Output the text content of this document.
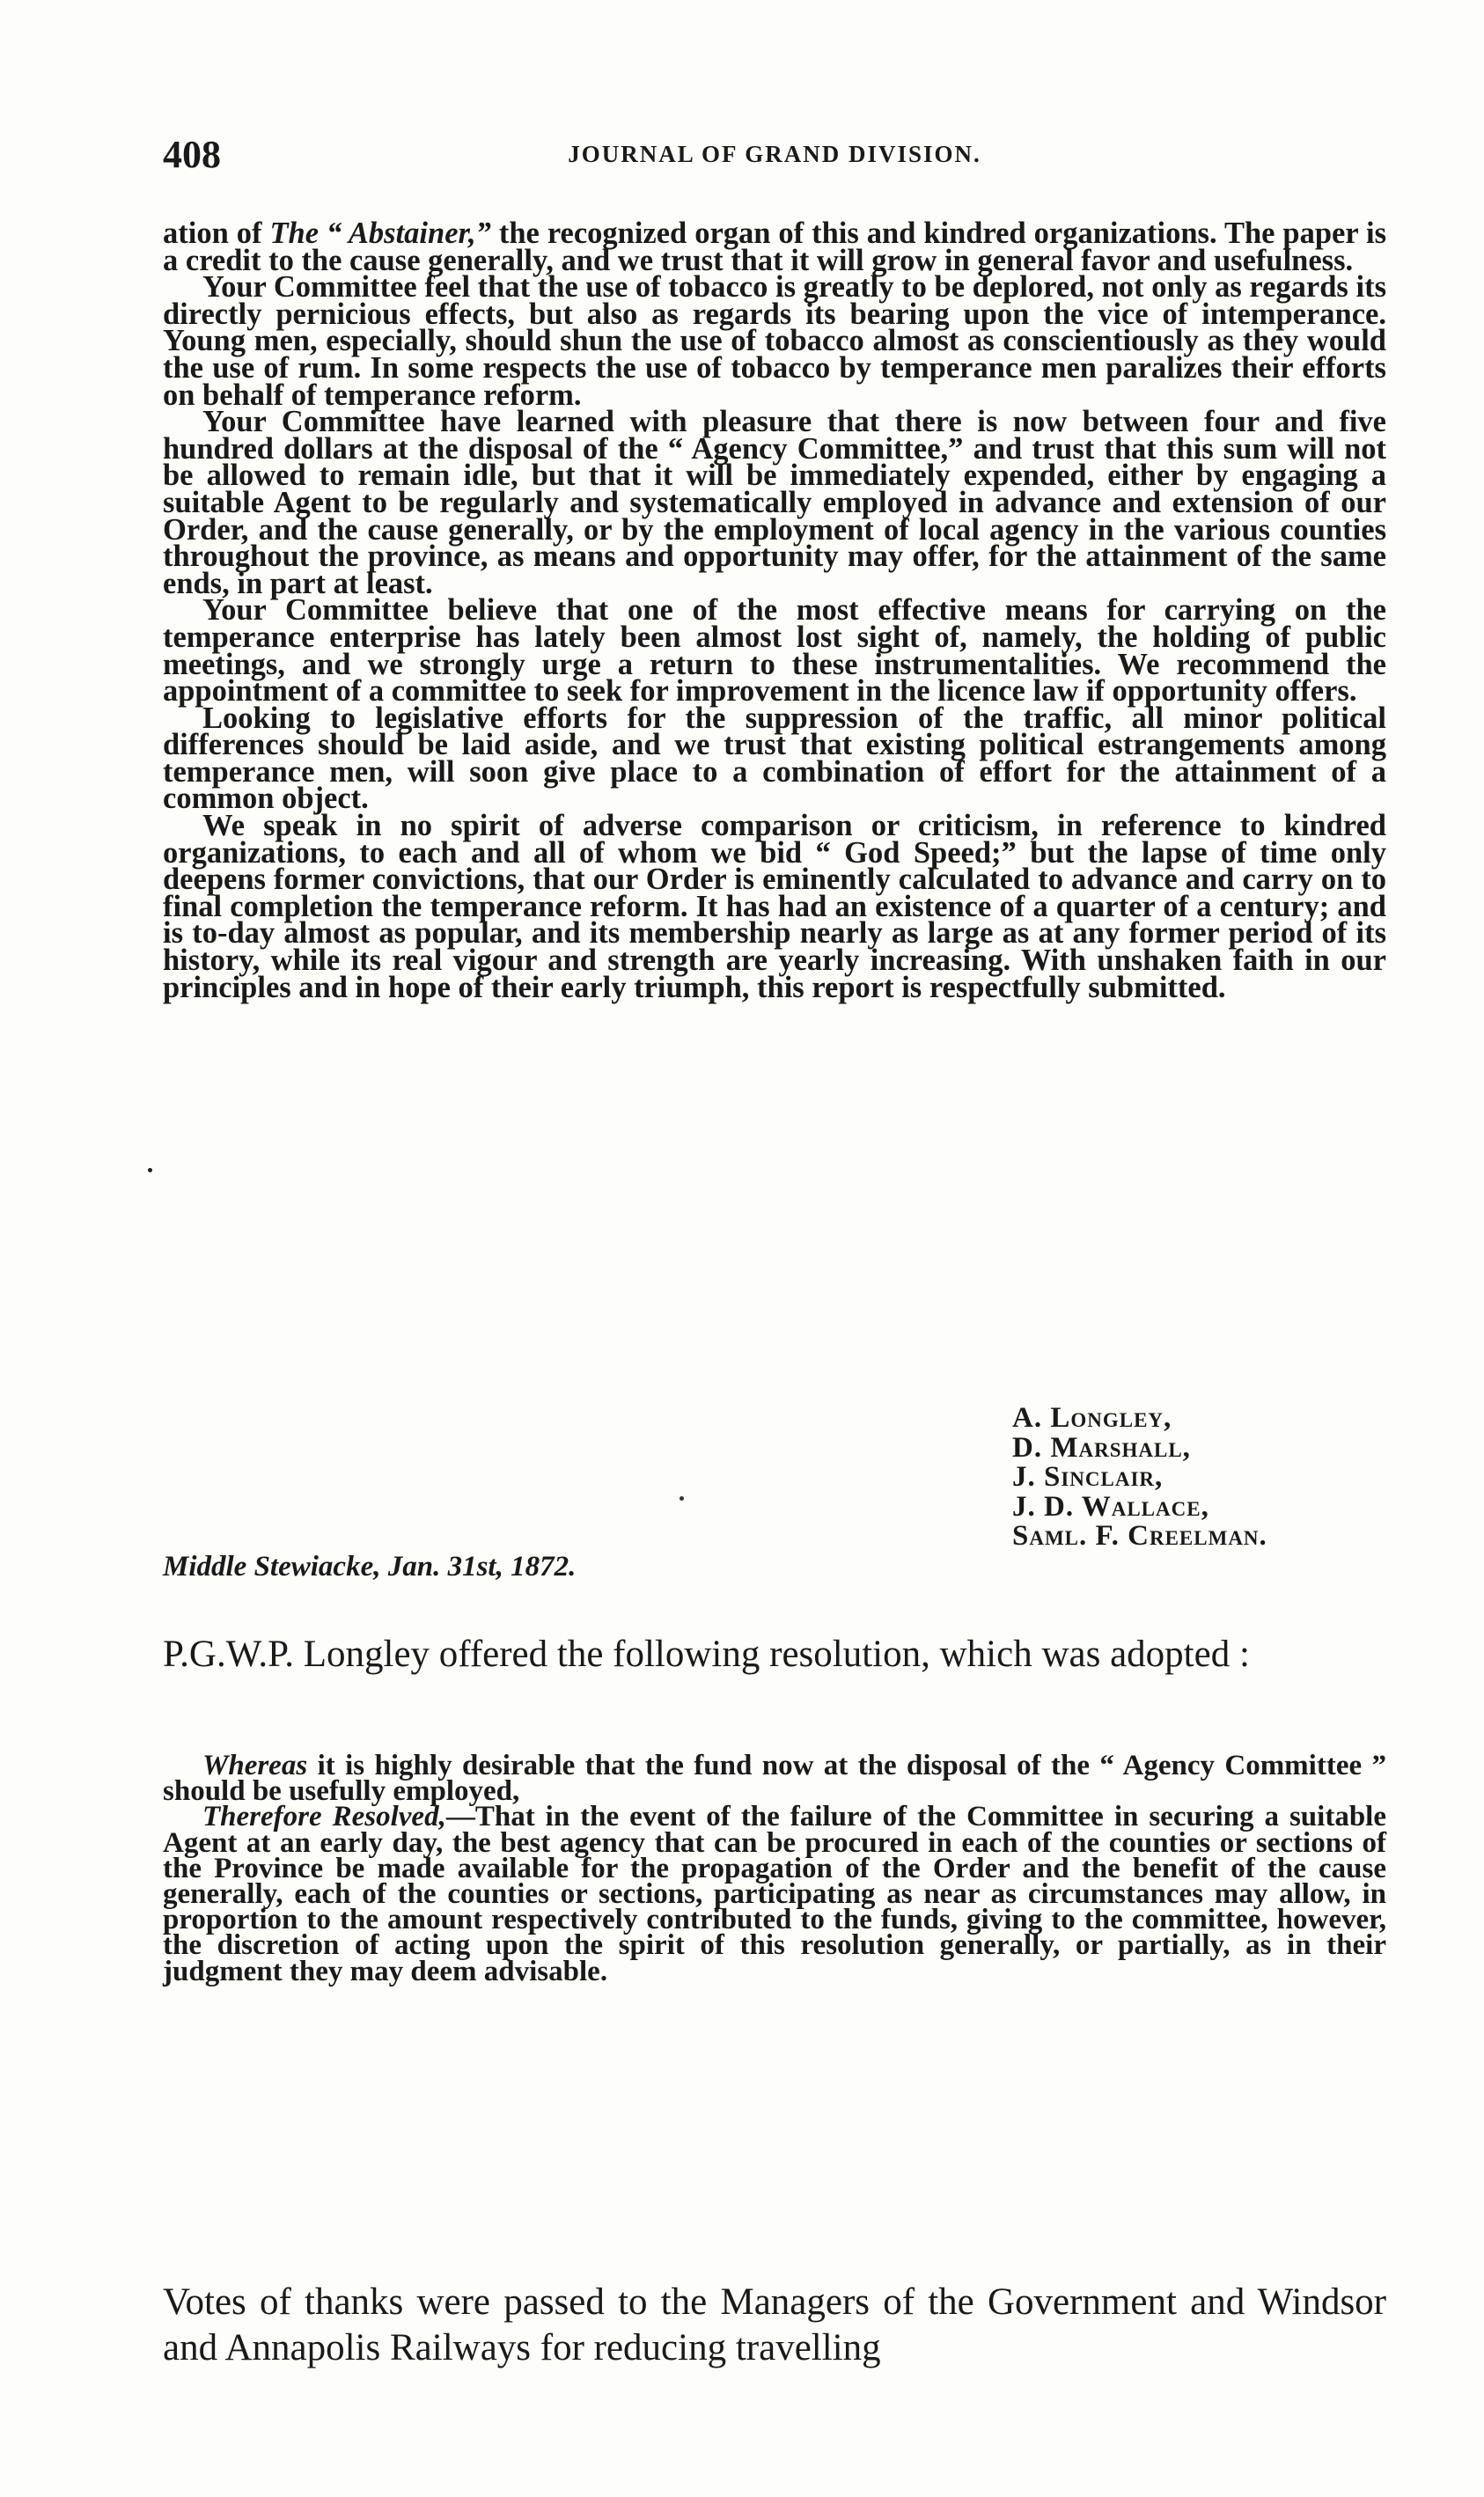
408	JOURNAL OF GRAND DIVISION.

ation of The “ Abstainer,” the recognized organ of this and kindred organizations. The paper is a credit to the cause generally, and we trust that it will grow in general favor and usefulness.

Your Committee feel that the use of tobacco is greatly to be deplored, not only as regards its directly pernicious effects, but also as regards its bearing upon the vice of intemperance. Young men, especially, should shun the use of tobacco almost as conscientiously as they would the use of rum. In some respects the use of tobacco by temperance men paralizes their efforts on behalf of temperance reform.

Your Committee have learned with pleasure that there is now between four and five hundred dollars at the disposal of the “ Agency Committee,” and trust that this sum will not be allowed to remain idle, but that it will be immediately expended, either by engaging a suitable Agent to be regularly and systematically employed in advance and extension of our Order, and the cause generally, or by the employment of local agency in the various counties throughout the province, as means and opportunity may offer, for the attainment of the same ends, in part at least.

Your Committee believe that one of the most effective means for carrying on the temperance enterprise has lately been almost lost sight of, namely, the holding of public meetings, and we strongly urge a return to these instrumentalities. We recommend the appointment of a committee to seek for improvement in the licence law if opportunity offers.

Looking to legislative efforts for the suppression of the traffic, all minor political differences should be laid aside, and we trust that existing political estrangements among temperance men, will soon give place to a combination of effort for the attainment of a common object.

We speak in no spirit of adverse comparison or criticism, in reference to kindred organizations, to each and all of whom we bid “ God Speed;” but the lapse of time only deepens former convictions, that our Order is eminently calculated to advance and carry on to final completion the temperance reform. It has had an existence of a quarter of a century; and is to-day almost as popular, and its membership nearly as large as at any former period of its history, while its real vigour and strength are yearly increasing. With unshaken faith in our principles and in hope of their early triumph, this report is respectfully submitted.

A. Longley,
D. Marshall,
J. Sinclair,
J. D. Wallace,
Saml. F. Creelman.
Middle Stewiacke, Jan. 31st, 1872.

P.G.W.P. Longley offered the following resolution, which was adopted :

Whereas it is highly desirable that the fund now at the disposal of the “ Agency Committee ” should be usefully employed,

Therefore Resolved,—That in the event of the failure of the Committee in securing a suitable Agent at an early day, the best agency that can be procured in each of the counties or sections of the Province be made available for the propagation of the Order and the benefit of the cause generally, each of the counties or sections, participating as near as circumstances may allow, in proportion to the amount respectively contributed to the funds, giving to the committee, however, the discretion of acting upon the spirit of this resolution generally, or partially, as in their judgment they may deem advisable.

Votes of thanks were passed to the Managers of the Government and Windsor and Annapolis Railways for reducing travelling
